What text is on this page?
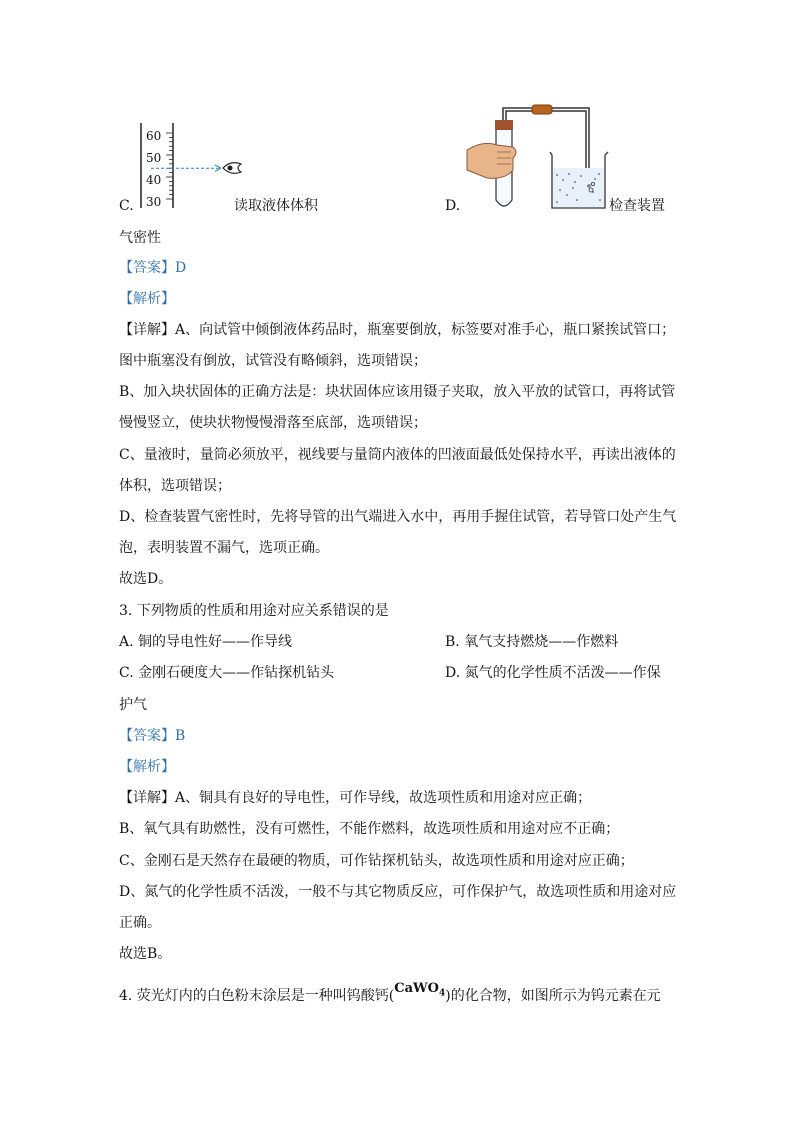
60
50
40
30
C.	读取液体体积	D.	检查装置
气密性
【答案】D
【解析】
【详解】A、向试管中倾倒液体药品时，瓶塞要倒放，标签要对准手心，瓶口紧挨试管口；
图中瓶塞没有倒放，试管没有略倾斜，选项错误；
B、加入块状固体的正确方法是：块状固体应该用镊子夹取，放入平放的试管口，再将试管
慢慢竖立，使块状物慢慢滑落至底部，选项错误；
C、量液时，量筒必须放平，视线要与量筒内液体的凹液面最低处保持水平，再读出液体的
体积，选项错误；
D、检查装置气密性时，先将导管的出气端进入水中，再用手握住试管，若导管口处产生气
泡，表明装置不漏气，选项正确。
故选D。
3. 下列物质的性质和用途对应关系错误的是
A. 铜的导电性好——作导线	B. 氧气支持燃烧——作燃料
C. 金刚石硬度大——作钻探机钻头	D. 氮气的化学性质不活泼——作保
护气
【答案】B
【解析】
【详解】A、铜具有良好的导电性，可作导线，故选项性质和用途对应正确；
B、氧气具有助燃性，没有可燃性，不能作燃料，故选项性质和用途对应不正确；
C、金刚石是天然存在最硬的物质，可作钻探机钻头，故选项性质和用途对应正确；
D、氮气的化学性质不活泼，一般不与其它物质反应，可作保护气，故选项性质和用途对应
正确。
故选B。
4. 荧光灯内的白色粉末涂层是一种叫钨酸钙(CaWO$_4$)的化合物，如图所示为钨元素在元
